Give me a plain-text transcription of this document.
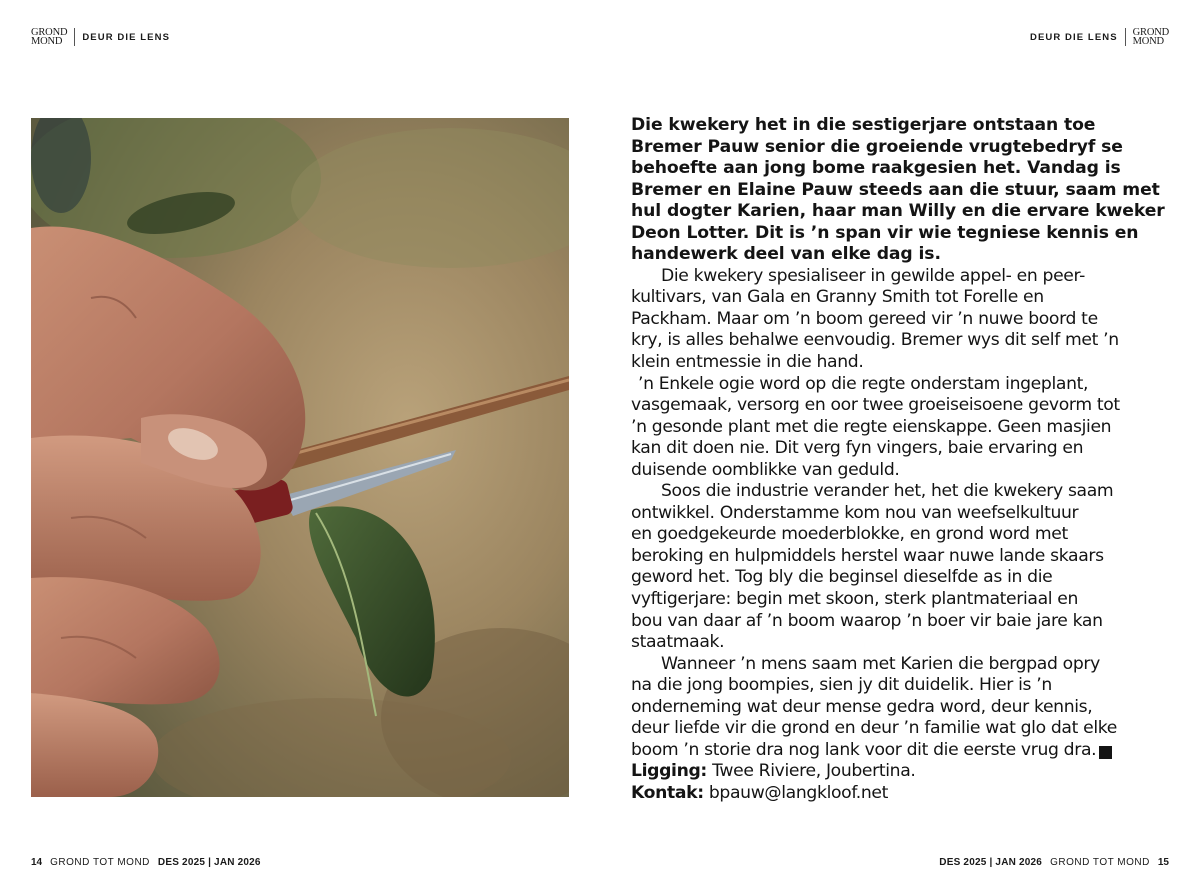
GROND
MOND	DEUR DIE LENS	DEUR DIE LENS GROND
MOND

Die kwekery het in die sestigerjare ontstaan toe
Bremer Pauw senior die groeiende vrugtebedryf se
behoefte aan jong bome raakgesien het. Vandag is
Bremer en Elaine Pauw steeds aan die stuur, saam met
hul dogter Karien, haar man Willy en die ervare kweker
Deon Lotter. Dit is ’n span vir wie tegniese kennis en
handewerk deel van elke dag is.

Die kwekery spesialiseer in gewilde appel- en peer-
kultivars, van Gala en Granny Smith tot Forelle en
Packham. Maar om ’n boom gereed vir ’n nuwe boord te
kry, is alles behalwe eenvoudig. Bremer wys dit self met ’n
klein entmessie in die hand.

’n Enkele ogie word op die regte onderstam ingeplant,
vasgemaak, versorg en oor twee groeiseisoene gevorm tot
’n gesonde plant met die regte eienskappe. Geen masjien
kan dit doen nie. Dit verg fyn vingers, baie ervaring en
duisende oomblikke van geduld.

Soos die industrie verander het, het die kwekery saam
ontwikkel. Onderstamme kom nou van weefselkultuur
en goedgekeurde moederblokke, en grond word met
beroking en hulpmiddels herstel waar nuwe lande skaars
geword het. Tog bly die beginsel dieselfde as in die
vyftigerjare: begin met skoon, sterk plantmateriaal en
bou van daar af ’n boom waarop ’n boer vir baie jare kan
staatmaak.

Wanneer ’n mens saam met Karien die bergpad opry
na die jong boompies, sien jy dit duidelik. Hier is ’n
onderneming wat deur mense gedra word, deur kennis,
deur liefde vir die grond en deur ’n familie wat glo dat elke
boom ’n storie dra nog lank voor dit die eerste vrug dra.	▼

Ligging: Twee Riviere, Joubertina.

Kontak: bpauw@langkloof.net

14 GROND TOT MOND DES 2025 | JAN 2026	DES 2025 | JAN 2026 GROND TOT MOND 15
